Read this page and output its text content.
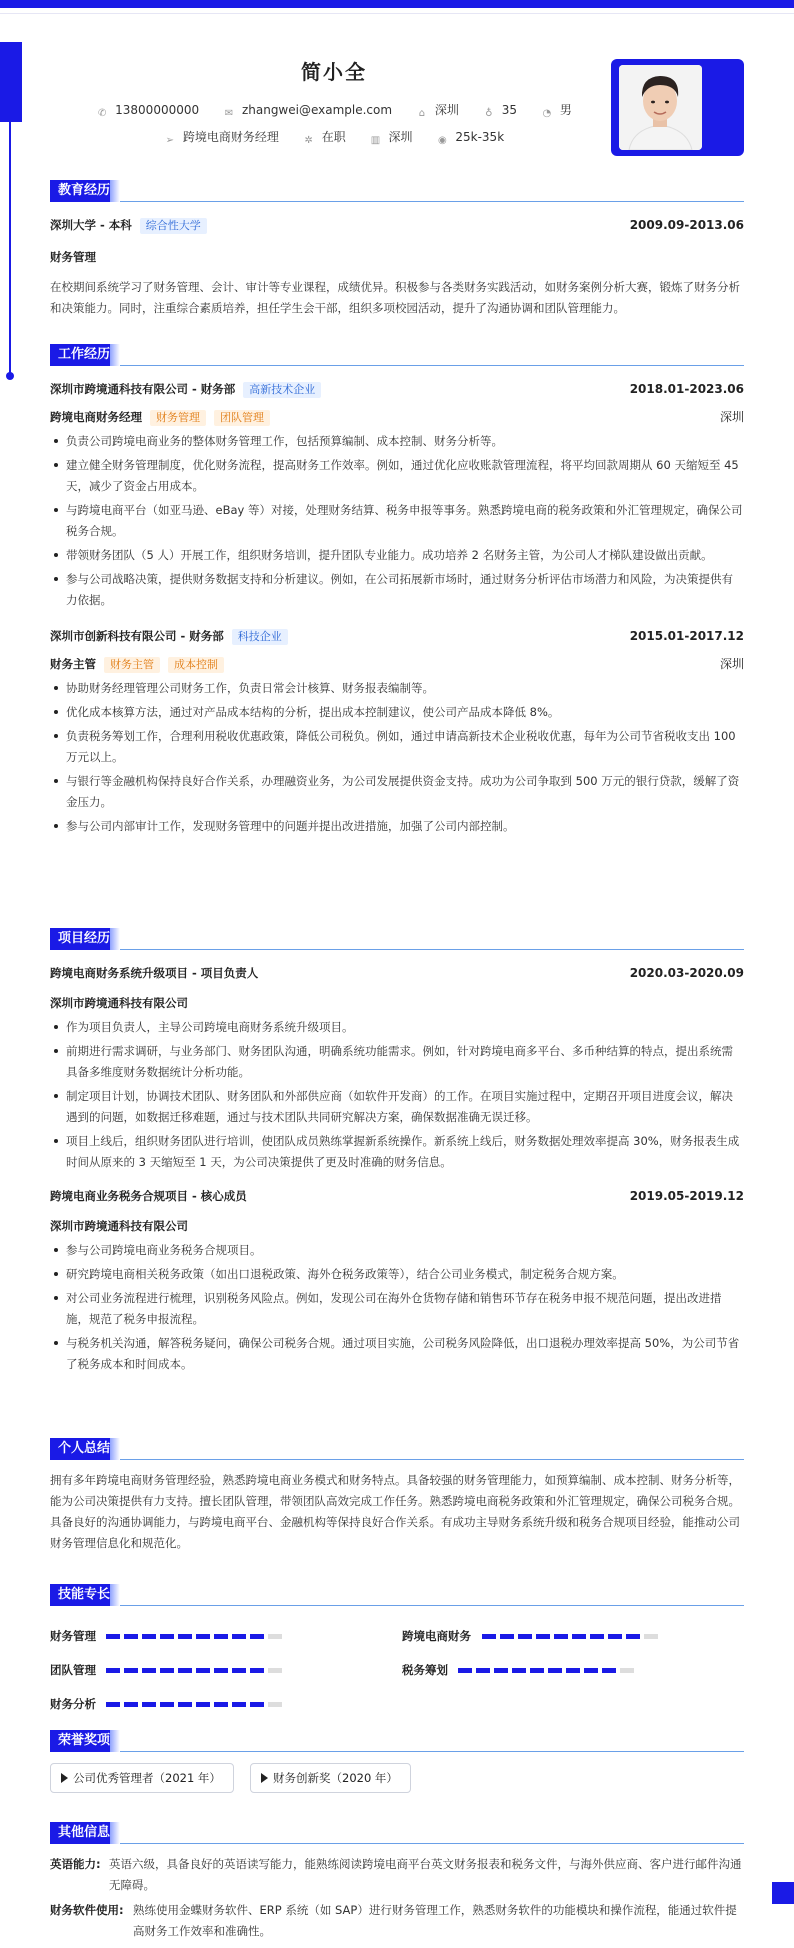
简小全
✆ 13800000000	✉ zhangwei@example.com	⌂ 深圳	♁ 35	◔ 男
➢ 跨境电商财务经理	✲ 在职	▥ 深圳	◉ 25k-35k
教育经历
深圳大学 - 本科 综合性大学	2009.09-2013.06
财务管理
在校期间系统学习了财务管理、会计、审计等专业课程，成绩优异。积极参与各类财务实践活动，如财务案例分析大赛，锻炼了财务分析和决策能力。同时，注重综合素质培养，担任学生会干部，组织多项校园活动，提升了沟通协调和团队管理能力。
工作经历
深圳市跨境通科技有限公司 - 财务部 高新技术企业	2018.01-2023.06
跨境电商财务经理 财务管理 团队管理	深圳
负责公司跨境电商业务的整体财务管理工作，包括预算编制、成本控制、财务分析等。
建立健全财务管理制度，优化财务流程，提高财务工作效率。例如，通过优化应收账款管理流程，将平均回款周期从 60 天缩短至 45 天，减少了资金占用成本。
与跨境电商平台（如亚马逊、eBay 等）对接，处理财务结算、税务申报等事务。熟悉跨境电商的税务政策和外汇管理规定，确保公司税务合规。
带领财务团队（5 人）开展工作，组织财务培训，提升团队专业能力。成功培养 2 名财务主管，为公司人才梯队建设做出贡献。
参与公司战略决策，提供财务数据支持和分析建议。例如，在公司拓展新市场时，通过财务分析评估市场潜力和风险，为决策提供有力依据。
深圳市创新科技有限公司 - 财务部 科技企业	2015.01-2017.12
财务主管 财务主管 成本控制	深圳
协助财务经理管理公司财务工作，负责日常会计核算、财务报表编制等。
优化成本核算方法，通过对产品成本结构的分析，提出成本控制建议，使公司产品成本降低 8%。
负责税务筹划工作，合理利用税收优惠政策，降低公司税负。例如，通过申请高新技术企业税收优惠，每年为公司节省税收支出 100 万元以上。
与银行等金融机构保持良好合作关系，办理融资业务，为公司发展提供资金支持。成功为公司争取到 500 万元的银行贷款，缓解了资金压力。
参与公司内部审计工作，发现财务管理中的问题并提出改进措施，加强了公司内部控制。
项目经历
跨境电商财务系统升级项目 - 项目负责人	2020.03-2020.09
深圳市跨境通科技有限公司
作为项目负责人，主导公司跨境电商财务系统升级项目。
前期进行需求调研，与业务部门、财务团队沟通，明确系统功能需求。例如，针对跨境电商多平台、多币种结算的特点，提出系统需具备多维度财务数据统计分析功能。
制定项目计划，协调技术团队、财务团队和外部供应商（如软件开发商）的工作。在项目实施过程中，定期召开项目进度会议，解决遇到的问题，如数据迁移难题，通过与技术团队共同研究解决方案，确保数据准确无误迁移。
项目上线后，组织财务团队进行培训，使团队成员熟练掌握新系统操作。新系统上线后，财务数据处理效率提高 30%，财务报表生成时间从原来的 3 天缩短至 1 天，为公司决策提供了更及时准确的财务信息。
跨境电商业务税务合规项目 - 核心成员	2019.05-2019.12
深圳市跨境通科技有限公司
参与公司跨境电商业务税务合规项目。
研究跨境电商相关税务政策（如出口退税政策、海外仓税务政策等），结合公司业务模式，制定税务合规方案。
对公司业务流程进行梳理，识别税务风险点。例如，发现公司在海外仓货物存储和销售环节存在税务申报不规范问题，提出改进措施，规范了税务申报流程。
与税务机关沟通，解答税务疑问，确保公司税务合规。通过项目实施，公司税务风险降低，出口退税办理效率提高 50%，为公司节省了税务成本和时间成本。
个人总结
拥有多年跨境电商财务管理经验，熟悉跨境电商业务模式和财务特点。具备较强的财务管理能力，如预算编制、成本控制、财务分析等，能为公司决策提供有力支持。擅长团队管理，带领团队高效完成工作任务。熟悉跨境电商税务政策和外汇管理规定，确保公司税务合规。具备良好的沟通协调能力，与跨境电商平台、金融机构等保持良好合作关系。有成功主导财务系统升级和税务合规项目经验，能推动公司财务管理信息化和规范化。
技能专长
财务管理	跨境电商财务
团队管理	税务筹划
财务分析
荣誉奖项
公司优秀管理者（2021 年）	财务创新奖（2020 年）
其他信息
英语能力: 英语六级，具备良好的英语读写能力，能熟练阅读跨境电商平台英文财务报表和税务文件，与海外供应商、客户进行邮件沟通无障碍。
财务软件使用: 熟练使用金蝶财务软件、ERP 系统（如 SAP）进行财务管理工作，熟悉财务软件的功能模块和操作流程，能通过软件提高财务工作效率和准确性。
